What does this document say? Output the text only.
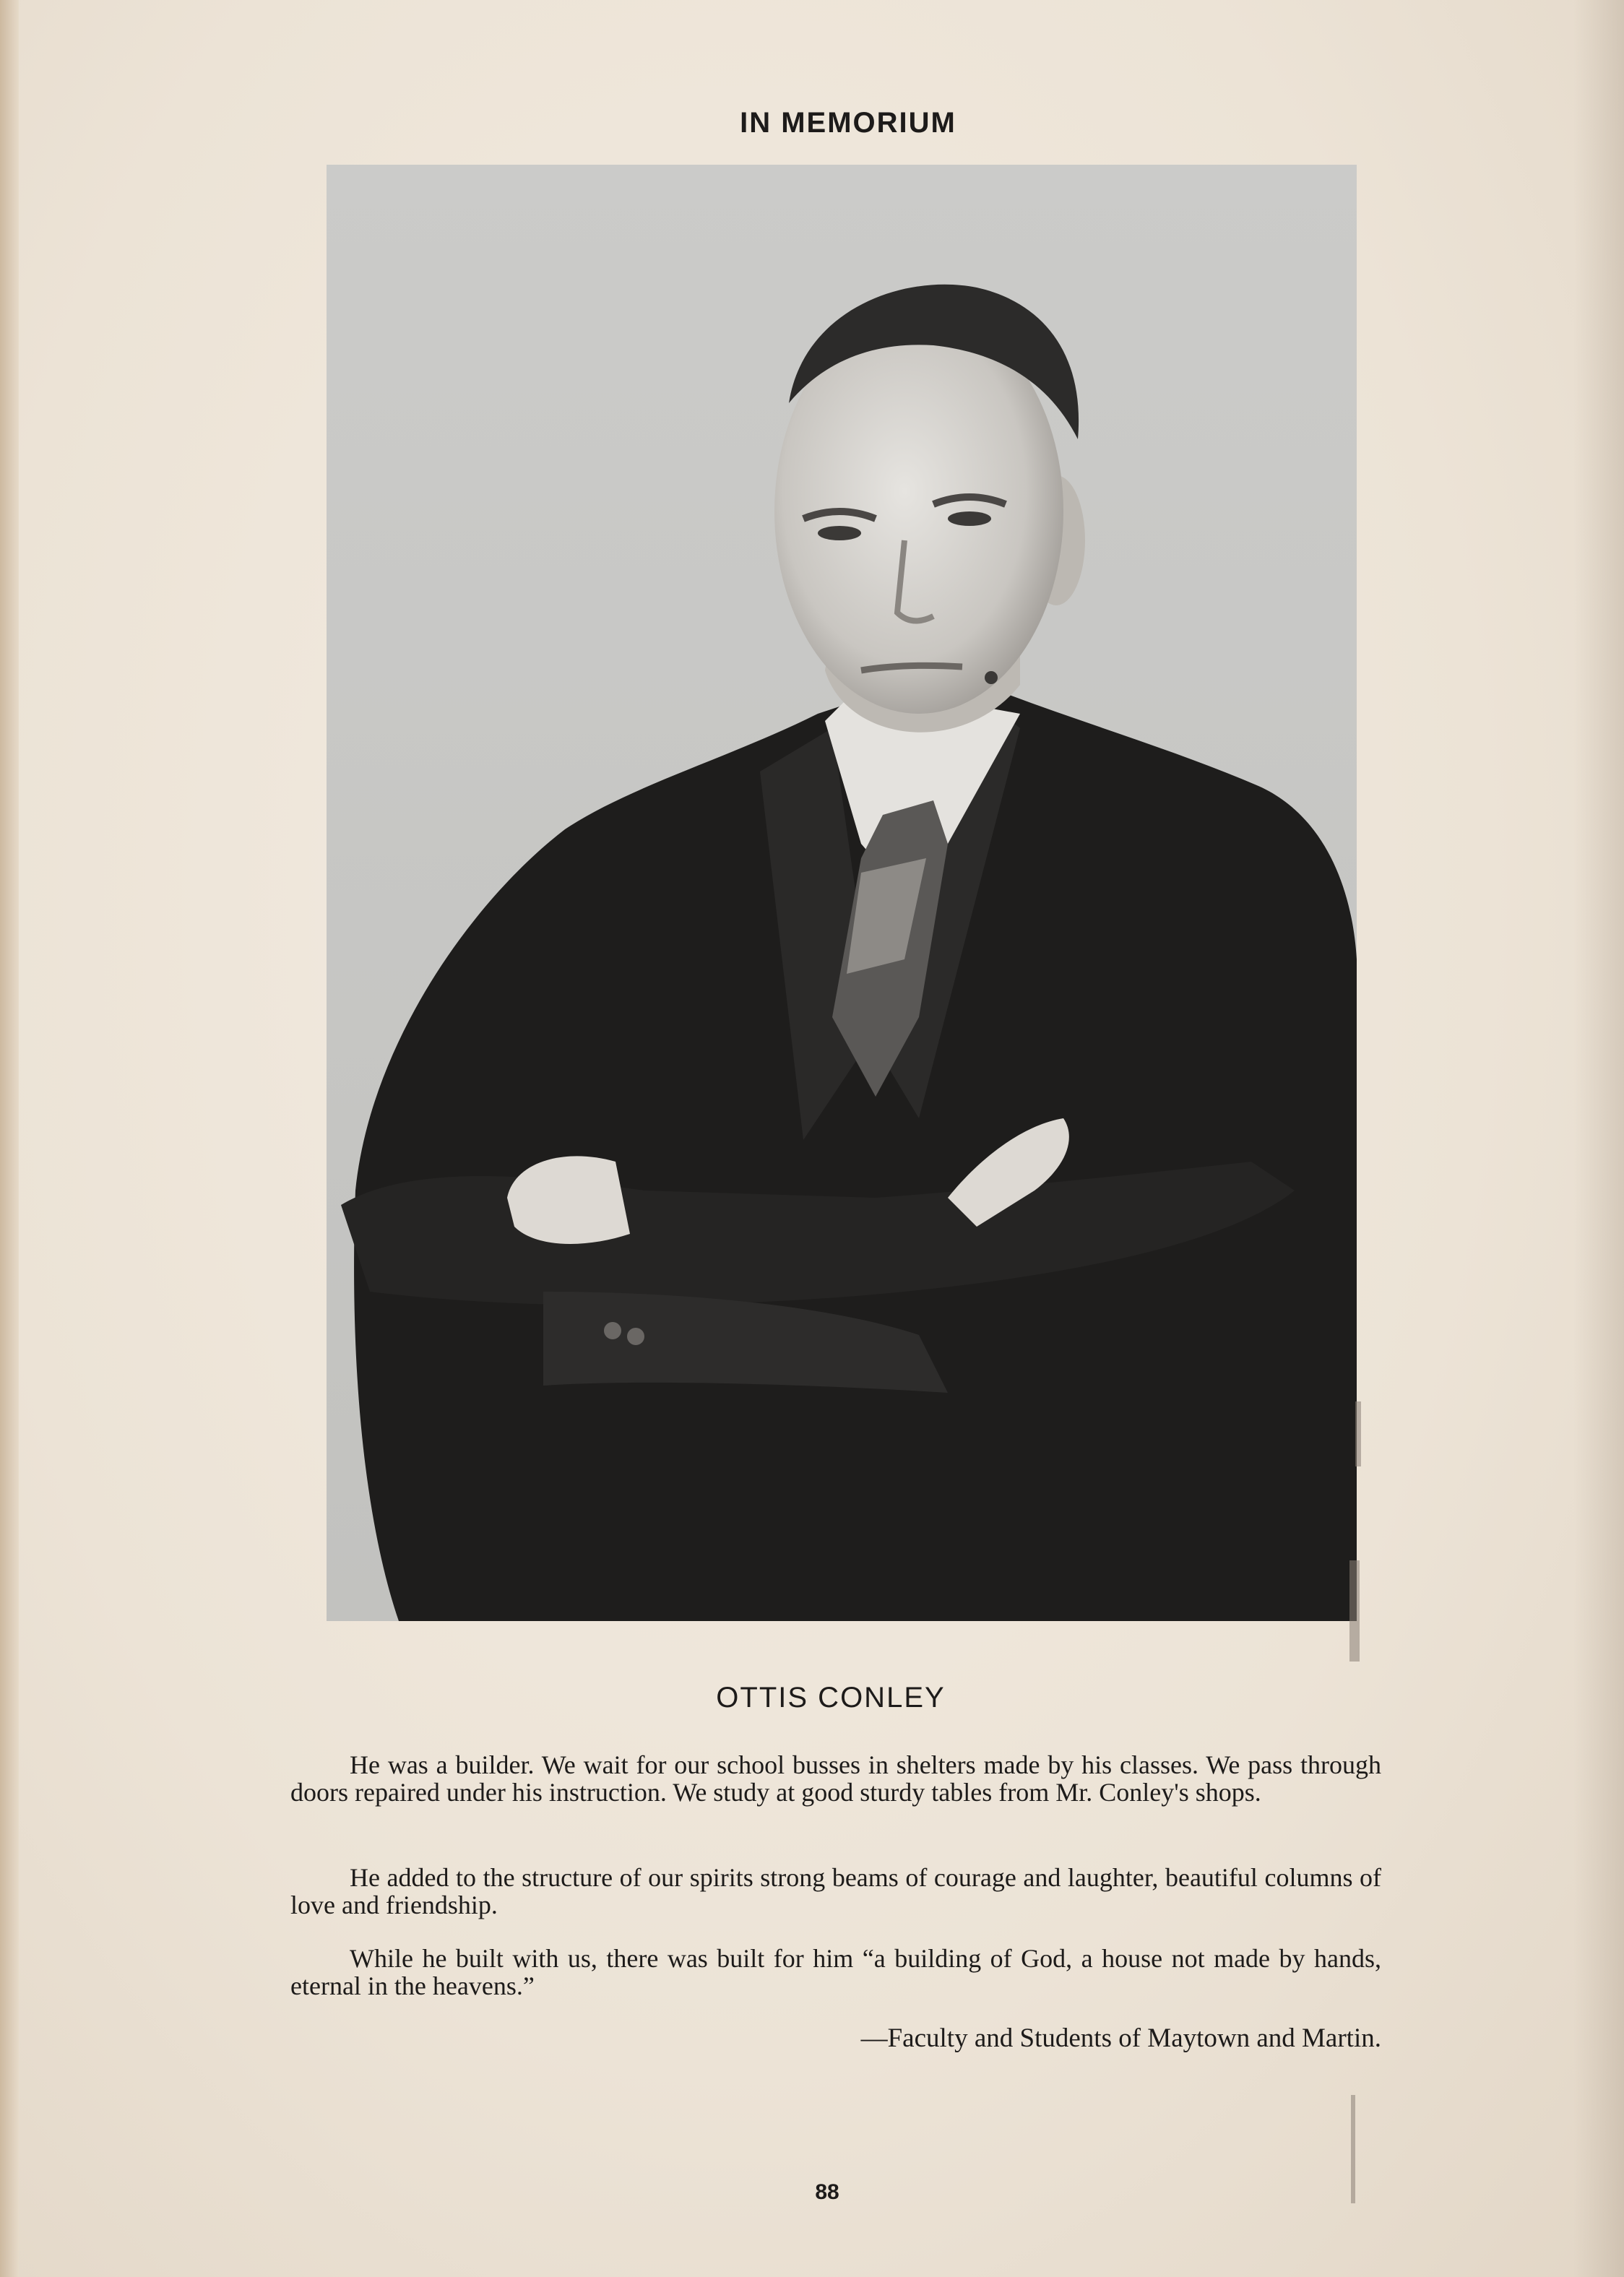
IN MEMORIUM
OTTIS CONLEY
He was a builder. We wait for our school busses in shelters made by his classes. We pass through doors repaired under his instruction. We study at good sturdy tables from Mr. Conley's shops.
He added to the structure of our spirits strong beams of courage and laughter, beautiful columns of love and friendship.
While he built with us, there was built for him “a building of God, a house not made by hands, eternal in the heavens.”
—Faculty and Students of Maytown and Martin.
88
